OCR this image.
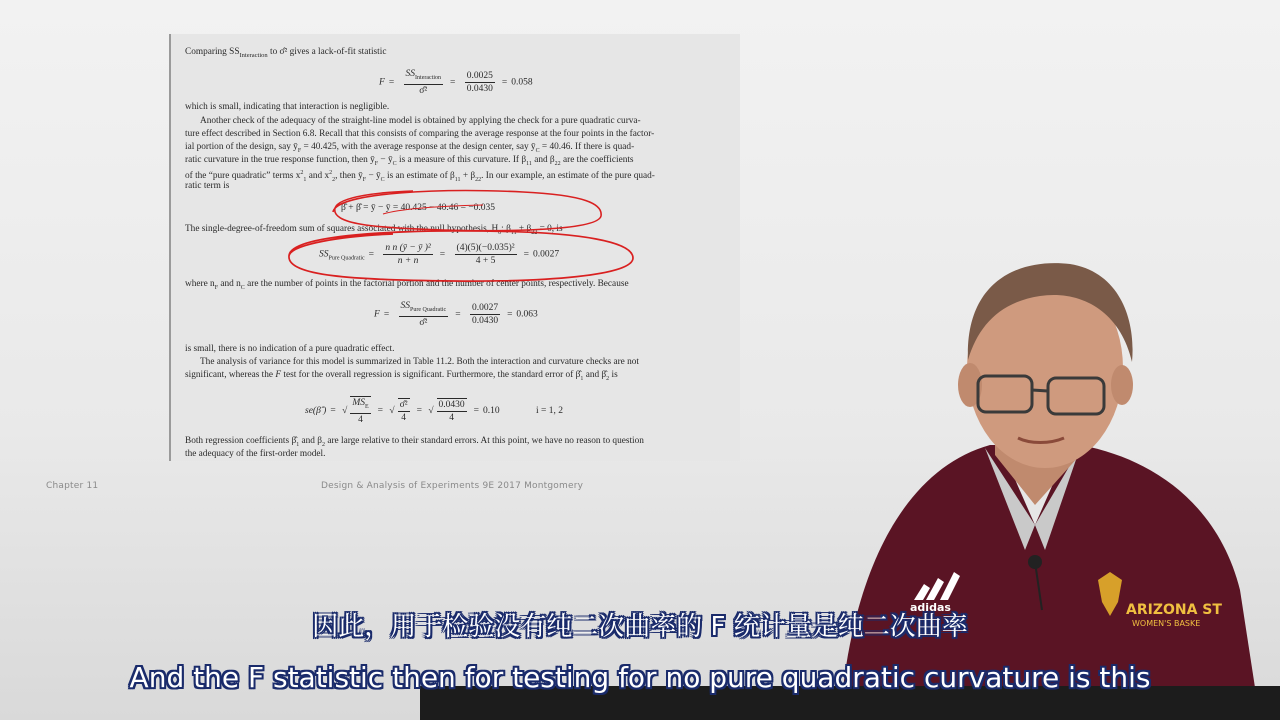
Comparing $SS_{Interaction}$ to σ̂² gives a lack-of-fit statistic
$F = \frac{SS_{Interaction}}{\text{σ̂²}} = \frac{0.0025}{0.0430} = 0.058$
which is small, indicating that interaction is negligible.
Another check of the adequacy of the straight-line model is obtained by applying the check for a pure quadratic curva-
ture effect described in Section 6.8. Recall that this consists of comparing the average response at the four points in the factor-
ial portion of the design, say $ȳ_F = 40.425$, with the average response at the design center, say $ȳ_C = 40.46$. If there is quad-
ratic curvature in the true response function, then $ȳ_F$ − $ȳ_C$ is a measure of this curvature. If $\beta_{11}$ and $\beta_{22}$ are the coefficients
of the “pure quadratic” terms $x^2_1$ and $x^2_2$, then $ȳ_F$ − $ȳ_C$ is an estimate of $\beta_{11} + \beta_{22}$. In our example, an estimate of the pure quad-
ratic term is
β̂ + β̂ = ȳ − ȳ = 40.425 − 40.46 = −0.035
The single-degree-of-freedom sum of squares associated with the null hypothesis, $H_0$: $\beta_{11} + \beta_{22} = 0$, is
$SS_{Pure Quadratic} = \frac{\text{n n (ȳ − ȳ )²}}{n + n} = \frac{\text{(4)(5)(−0.035)²}}{4 + 5} = 0.0027$
where $n_F$ and $n_C$ are the number of points in the factorial portion and the number of center points, respectively. Because
$F = \frac{SS_{Pure Quadratic}}{\text{σ̂²}} = \frac{0.0027}{0.0430} = 0.063$
is small, there is no indication of a pure quadratic effect.
The analysis of variance for this model is summarized in Table 11.2. Both the interaction and curvature checks are not
significant, whereas the F test for the overall regression is significant. Furthermore, the standard error of $\betâ_1$ and $\betâ_2$ is
se(β̂ ) = √ $\frac{MS_E}{4}$ = √ $\frac{\text{σ̂²}}{4}$ = √ $\frac{0.0430}{4} = 0.10$	i = 1, 2
Both regression coefficients $\betâ_1$ and $\beta_2$ are large relative to their standard errors. At this point, we have no reason to question
the adequacy of the first-order model.
Chapter 11	Design & Analysis of Experiments 9E 2017 Montgomery
adidas	ARIZONA ST
WOMEN'S BASKE
因此，用于检验没有纯二次曲率的 F 统计量是纯二次曲率
And the F statistic then for testing for no pure quadratic curvature is this
